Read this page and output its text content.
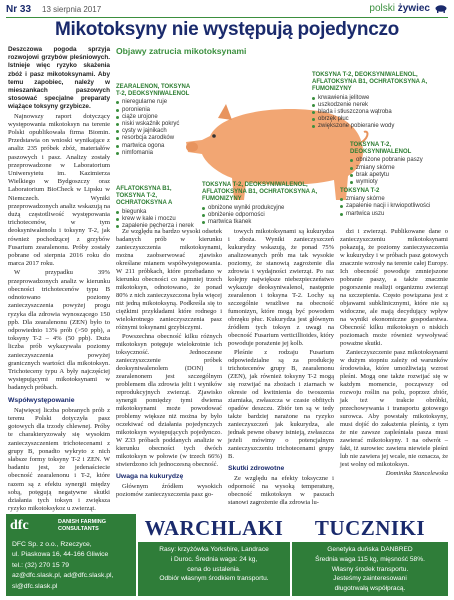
Nr 33 13 sierpnia 2017	polski żywiec
Mikotoksyny nie występują pojedynczo

Deszczowa pogoda sprzyja rozwojowi grzybów pleśniowych. Istnieje więc ryzyko skażenia zbóż i pasz mikotoksynami. Aby temu zapobiec, należy w mieszankach paszowych stosować specjalne preparaty wiążące toksyny grzybicze.

Najnowszy raport dotyczący występowania mikotoksyn na terenie Polski opublikowała firma Biomin. Przedstawia on wnioski wynikające z analiz 235 próbek zbóż, materiałów paszowych i pasz. Analizy zostały przeprowadzone w Laboratorium Uniwersytetu im. Kazimierza Wielkiego w Bydgoszczy oraz Laboratorium BioCheck w Lipsku w Niemczech. Wyniki przeprowadzonych analiz wskazują na dużą częstotliwość występowania trichotecenów, w tym deoksyniwalenolu i toksyny T-2, jak również pochodzącej z grzybów Fusarium zearalenonu. Próby zostały pobrane od sierpnia 2016 roku do marca 2017 roku.

W przypadku 39% przeprowadzonych analiz w kierunku obecności trichotecenów typu B odnotowano poziomy zanieczyszczenia powyżej progu ryzyka dla zdrowia wynoszącego 150 ppb. Dla zearalenonu (ZEN) było to odpowiednio 13% prób (>50 ppb), a toksyny T-2 – 4% (50 ppb). Duża liczba prób wykazywała poziomy zanieczyszczenia powyżej granicznych wartości dla mikotoksyn. Trichoteceny typu A były najczęściej występującymi mikotoksynami w badanych próbach.

Współwystępowanie

Najwięcej liczba pobranych prób z terenu Polski dotyczyła pasz gotowych dla trzody chlewnej. Próby te charakteryzowały się wysokim zanieczyszczeniem trichotecenami z grupy B, ponadto wykryto z nich słabsze formy toksyny T-2 i ZEN. W badaniu jest, że jedenaściecie obecność zearalenonu i T-2, które razem są z efektu synergii między sobą, potęgują negatywne skutki działania tych toksyn i zwiększa ryzyko mikotoksykoz u zwierząt.

Objawy zatrucia mikotoksynami
ZEARALENON, TOKSYNA T-2, DEOKSYNIWALENOL
nieregularne ruje
poronienia
ciąże urojone
niski wskaźnik pokryć
cysty w jajnikach
resorbcja zarodków
martwica ogona
nimfomania
TOKSYNA T-2, DEOKSYNIWALENOL, AFLATOKSYNA B1, OCHRATOKSYNA A, FUMONIZYNY
krwawienia jelitowe
uszkodzenie nerek
blada i stłuszczona wątroba
obrzęk płuc
zwiększone pobieranie wody
TOKSYNA T-2, DEOKSYNIWALENOL
obniżone pobranie paszy
zmiany skórne
brak apetytu
wymioty
AFLATOKSYNA B1, TOKSYNA T-2, OCHRATOKSYNA A
biegunka
krew w kale i moczu
zapalenie pęcherza i nerek
TOKSYNA T-2, DEOKSYNIWALENOL, AFLATOKSYNA B1, OCHRATOKSYNA A, FUMONIZYNY
obniżone wyniki produkcyjne
obniżenie odporności
martwica tkanek
TOKSYNA T-2
zmiany skórne
zapalenie nacji i krwiopotliwości
martwica uszu

Ze względu na bardzo wysoki odsetek badanych prób w kierunku zanieczyszczenia mikotoksynami, można zaobserwować zjawisko określane mianem współwystępowania. W 211 próbkach, które przebadano w kierunku obecności co najmniej trzech mikotoksyn, odnotowano, że ponad 80% z nich zanieczyszczona była więcej niż jedną mikotoksyną. Podkreśla się to ciężkimi przykładami które rodnego i wielokrotnego zanieczyszczenia pasz różnymi toksynami grzybiczymi.

Powszechna obecność kilku różnych mikotoksyn potęguje wielokrotnie ich toksyczność. Jednoczesne zanieczyszczenie próbek deoksyniwalenolem (DON) i zearalenonem jest szczególnym problemem dla zdrowia jelit i wyników reprodukcyjnych zwierząt. Zjawisko synergii pomiędzy tymi dwiema mikotoksynami może powodować problemy większe niż można by było oczekiwać od działania pojedynczych mikotoksyn występujących pojedynczo. W Z33 próbach poddanych analizie w kierunku obecności tych dwóch mikotoksyn w połowie (w trzech 66%) stwierdzono ich jednoczesną obecność.

Uwaga na kukurydzę

Głównym źródłem wysokich poziomów zanieczyszczenia pasz go-

towych mikotoksynami są kukurydza i zboża. Wyniki zanieczyszczeń kukurydzy wskazują, że ponad 75% analizowanych prób ma tak wysokie poziomy, że stanowią zagrożenie dla zdrowia i wydajności zwierząt. Po raz kolejny największe niebezpieczeństwo wykazuje deoksyniwalenol, następnie zearalenon i toksyna T-2. Lochy są szczególnie wrażliwe na obecność fumonizyn, które mogą być powodem obrzęku płuc. Kukurydza jest głównym źródłem tych toksyn z uwagi na obecność Fusarium verticillioides, który powoduje porażenie jej kolb.

Pleśnie z rodzaju Fusarium odpowiedzialne są za produkcję trichotecenów grupy B, zearalenonu (ZEN), jak również toksyny T-2 mogą się rozwijać na zbożach i ziarnach w okresie od kwitnienia do twoszenia ziarniaka, zwłaszcza w czasie obfitych opadów deszczu. Zbiór ten są w tedy także bardziej narażone na ryzyko zanieczyszczeń jak kukurydza, ale jednak pewne obawy istnieją, zwłaszcza jeżeli mówimy o potencjalnym zanieczyszczeniu trichotecenami grupy B.

Skutki zdrowotne

Ze względu na efekty toksyczne i odporność na wysoką temperaturę, obecność mikotoksyn w paszach stanowi zagrożenie dla zdrowia lu-

dzi i zwierząt. Publikowane dane o zanieczyszczeniu mikotoksynami pokazują, że poziomy zanieczyszczenia w kukurydzy i w próbach pasz gotowych znacznie wzrosły na terenie całej Europy. Ich obecność powoduje zmniejszone pobranie paszy, a także znacznie pogorszenie realizji organizmu zwierząt na szczepienia. Często powiązana jest z objawami subklinicznymi, które nie są widoczne, ale mają decydujący wpływ na wyniki ekonomiczne gospodarstwa. Obecność kilku mikotoksyn o niskich poziomach może również wywoływać poważne skutki.

Zanieczyszczenie pasz mikotoksynami w dużym stopniu zależy od warunków środowiska, które umożliwiają wzrost pleśni. Mogą one także rozwijać się w każdym momencie, począwszy od rozwoju roślin na polu, poprzez zbiór, jak też w trakcie obróbki, przechowywania i transportu gotowego surowca. Aby powstały mikotoksyny, musi dojść do zakażenia pleśnią, z tym że nie zawsze zapleśniała pasza musi zawierać mikotoksyny. I na odwrót – fakt, iż surowiec zawiera niewiele pleśni lub nie zawiera jej wcale, nie oznacza, że jest wolny od mikotoksyn.

Dominika Stancelewska

dfc	DANISH FARMING
CONSULTANTS
DFC Sp. z o.o., Rzeczyce,
ul. Piaskowa 16, 44-166 Gliwice
tel.: (32) 270 15 79
az@dfc.slask.pl, ad@dfc.slask.pl,
sl@dfc.slask.pl
WARCHLAKI
Rasy: krzyżówka Yorkshire, Landrace
i Duroc. Średnia waga: 24 kg,
cena do ustalenia.
Odbiór własnym środkiem transportu.
TUCZNIKI
Genetyka duńska DANBRED
Średnia waga 115 kg, mięsność 58%.
Własny środek transportu.
Jesteśmy zainteresowani
długotrwałą współpracą.
